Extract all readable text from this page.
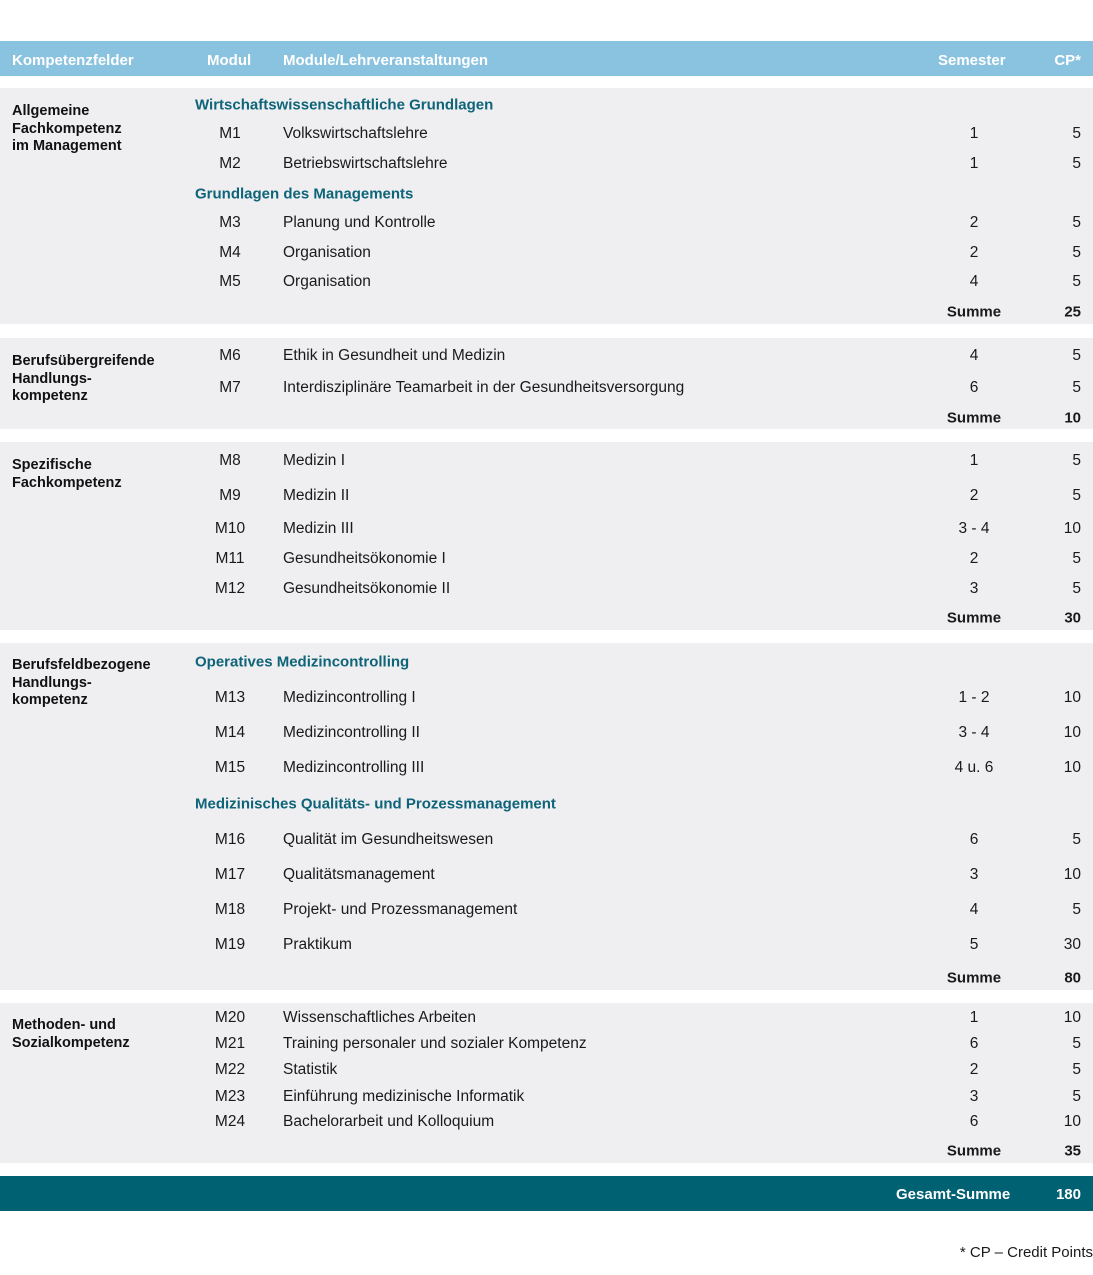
Kompetenzfelder	Modul Module/Lehrveranstaltungen	Semester	CP*
Allgemeine
Fachkompetenz
im Management
Wirtschaftswissenschaftliche Grundlagen
M1	Volkswirtschaftslehre	1	5
M2	Betriebswirtschaftslehre	1	5
Grundlagen des Managements
M3	Planung und Kontrolle	2	5
M4	Organisation	2	5
M5	Organisation	4	5
Summe	25
Berufsübergreifende
Handlungs-
kompetenz
M6	Ethik in Gesundheit und Medizin	4	5
M7	Interdisziplinäre Teamarbeit in der Gesundheitsversorgung	6	5
Summe	10
Spezifische
Fachkompetenz
M8	Medizin I	1	5
M9	Medizin II	2	5
M10 Medizin III	3 - 4	10
M11 Gesundheitsökonomie I	2	5
M12 Gesundheitsökonomie II	3	5
Summe	30
Berufsfeldbezogene
Handlungs-
kompetenz
Operatives Medizincontrolling
M13 Medizincontrolling I	1 - 2	10
M14 Medizincontrolling II	3 - 4	10
M15 Medizincontrolling III	4 u. 6	10
Medizinisches Qualitäts- und Prozessmanagement
M16 Qualität im Gesundheitswesen	6	5
M17 Qualitätsmanagement	3	10
M18 Projekt- und Prozessmanagement	4	5
M19 Praktikum	5	30
Summe	80
Methoden- und
Sozialkompetenz
M20 Wissenschaftliches Arbeiten	1	10
M21 Training personaler und sozialer Kompetenz	6	5
M22 Statistik	2	5
M23 Einführung medizinische Informatik	3	5
M24 Bachelorarbeit und Kolloquium	6	10
Summe	35
Gesamt-Summe	180
* CP – Credit Points
